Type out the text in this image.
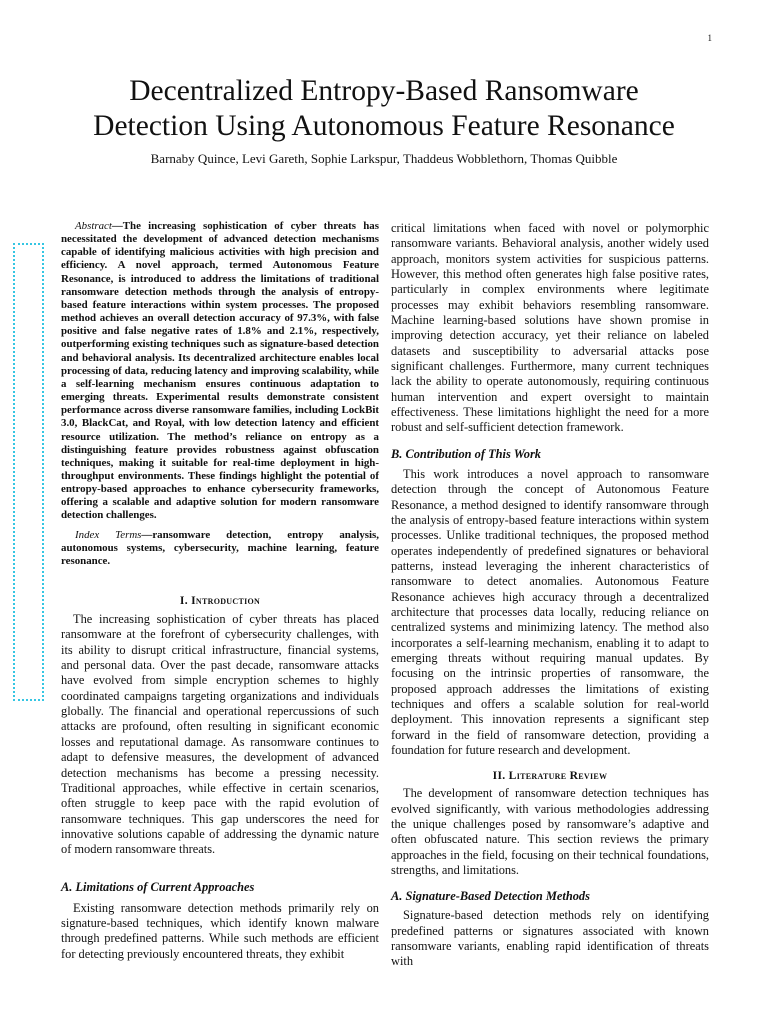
1
Decentralized Entropy-Based Ransomware
Detection Using Autonomous Feature Resonance
Barnaby Quince, Levi Gareth, Sophie Larkspur, Thaddeus Wobblethorn, Thomas Quibble

Abstract—The increasing sophistication of cyber threats has necessitated the development of advanced detection mechanisms capable of identifying malicious activities with high precision and efficiency. A novel approach, termed Autonomous Feature Resonance, is introduced to address the limitations of traditional ransomware detection methods through the analysis of entropy-based feature interactions within system processes. The proposed method achieves an overall detection accuracy of 97.3%, with false positive and false negative rates of 1.8% and 2.1%, respectively, outperforming existing techniques such as signature-based detection and behavioral analysis. Its decentralized architecture enables local processing of data, reducing latency and improving scalability, while a self-learning mechanism ensures continuous adaptation to emerging threats. Experimental results demonstrate consistent performance across diverse ransomware families, including LockBit 3.0, BlackCat, and Royal, with low detection latency and efficient resource utilization. The method’s reliance on entropy as a distinguishing feature provides robustness against obfuscation techniques, making it suitable for real-time deployment in high-throughput environments. These findings highlight the potential of entropy-based approaches to enhance cybersecurity frameworks, offering a scalable and adaptive solution for modern ransomware detection challenges.

Index Terms—ransomware detection, entropy analysis, autonomous systems, cybersecurity, machine learning, feature resonance.

I. Introduction

The increasing sophistication of cyber threats has placed ransomware at the forefront of cybersecurity challenges, with its ability to disrupt critical infrastructure, financial systems, and personal data. Over the past decade, ransomware attacks have evolved from simple encryption schemes to highly coordinated campaigns targeting organizations and individuals globally. The financial and operational repercussions of such attacks are profound, often resulting in significant economic losses and reputational damage. As ransomware continues to adapt to defensive measures, the development of advanced detection mechanisms has become a pressing necessity. Traditional approaches, while effective in certain scenarios, often struggle to keep pace with the rapid evolution of ransomware techniques. This gap underscores the need for innovative solutions capable of addressing the dynamic nature of modern ransomware threats.

A. Limitations of Current Approaches

Existing ransomware detection methods primarily rely on signature-based techniques, which identify known malware through predefined patterns. While such methods are efficient for detecting previously encountered threats, they exhibit

critical limitations when faced with novel or polymorphic ransomware variants. Behavioral analysis, another widely used approach, monitors system activities for suspicious patterns. However, this method often generates high false positive rates, particularly in complex environments where legitimate processes may exhibit behaviors resembling ransomware. Machine learning-based solutions have shown promise in improving detection accuracy, yet their reliance on labeled datasets and susceptibility to adversarial attacks pose significant challenges. Furthermore, many current techniques lack the ability to operate autonomously, requiring continuous human intervention and expert oversight to maintain effectiveness. These limitations highlight the need for a more robust and self-sufficient detection framework.

B. Contribution of This Work

This work introduces a novel approach to ransomware detection through the concept of Autonomous Feature Resonance, a method designed to identify ransomware through the analysis of entropy-based feature interactions within system processes. Unlike traditional techniques, the proposed method operates independently of predefined signatures or behavioral patterns, instead leveraging the inherent characteristics of ransomware to detect anomalies. Autonomous Feature Resonance achieves high accuracy through a decentralized architecture that processes data locally, reducing reliance on centralized systems and minimizing latency. The method also incorporates a self-learning mechanism, enabling it to adapt to emerging threats without requiring manual updates. By focusing on the intrinsic properties of ransomware, the proposed approach addresses the limitations of existing techniques and offers a scalable solution for real-world deployment. This innovation represents a significant step forward in the field of ransomware detection, providing a foundation for future research and development.

II. Literature Review

The development of ransomware detection techniques has evolved significantly, with various methodologies addressing the unique challenges posed by ransomware’s adaptive and often obfuscated nature. This section reviews the primary approaches in the field, focusing on their technical foundations, strengths, and limitations.

A. Signature-Based Detection Methods

Signature-based detection methods rely on identifying predefined patterns or signatures associated with known ransomware variants, enabling rapid identification of threats with
